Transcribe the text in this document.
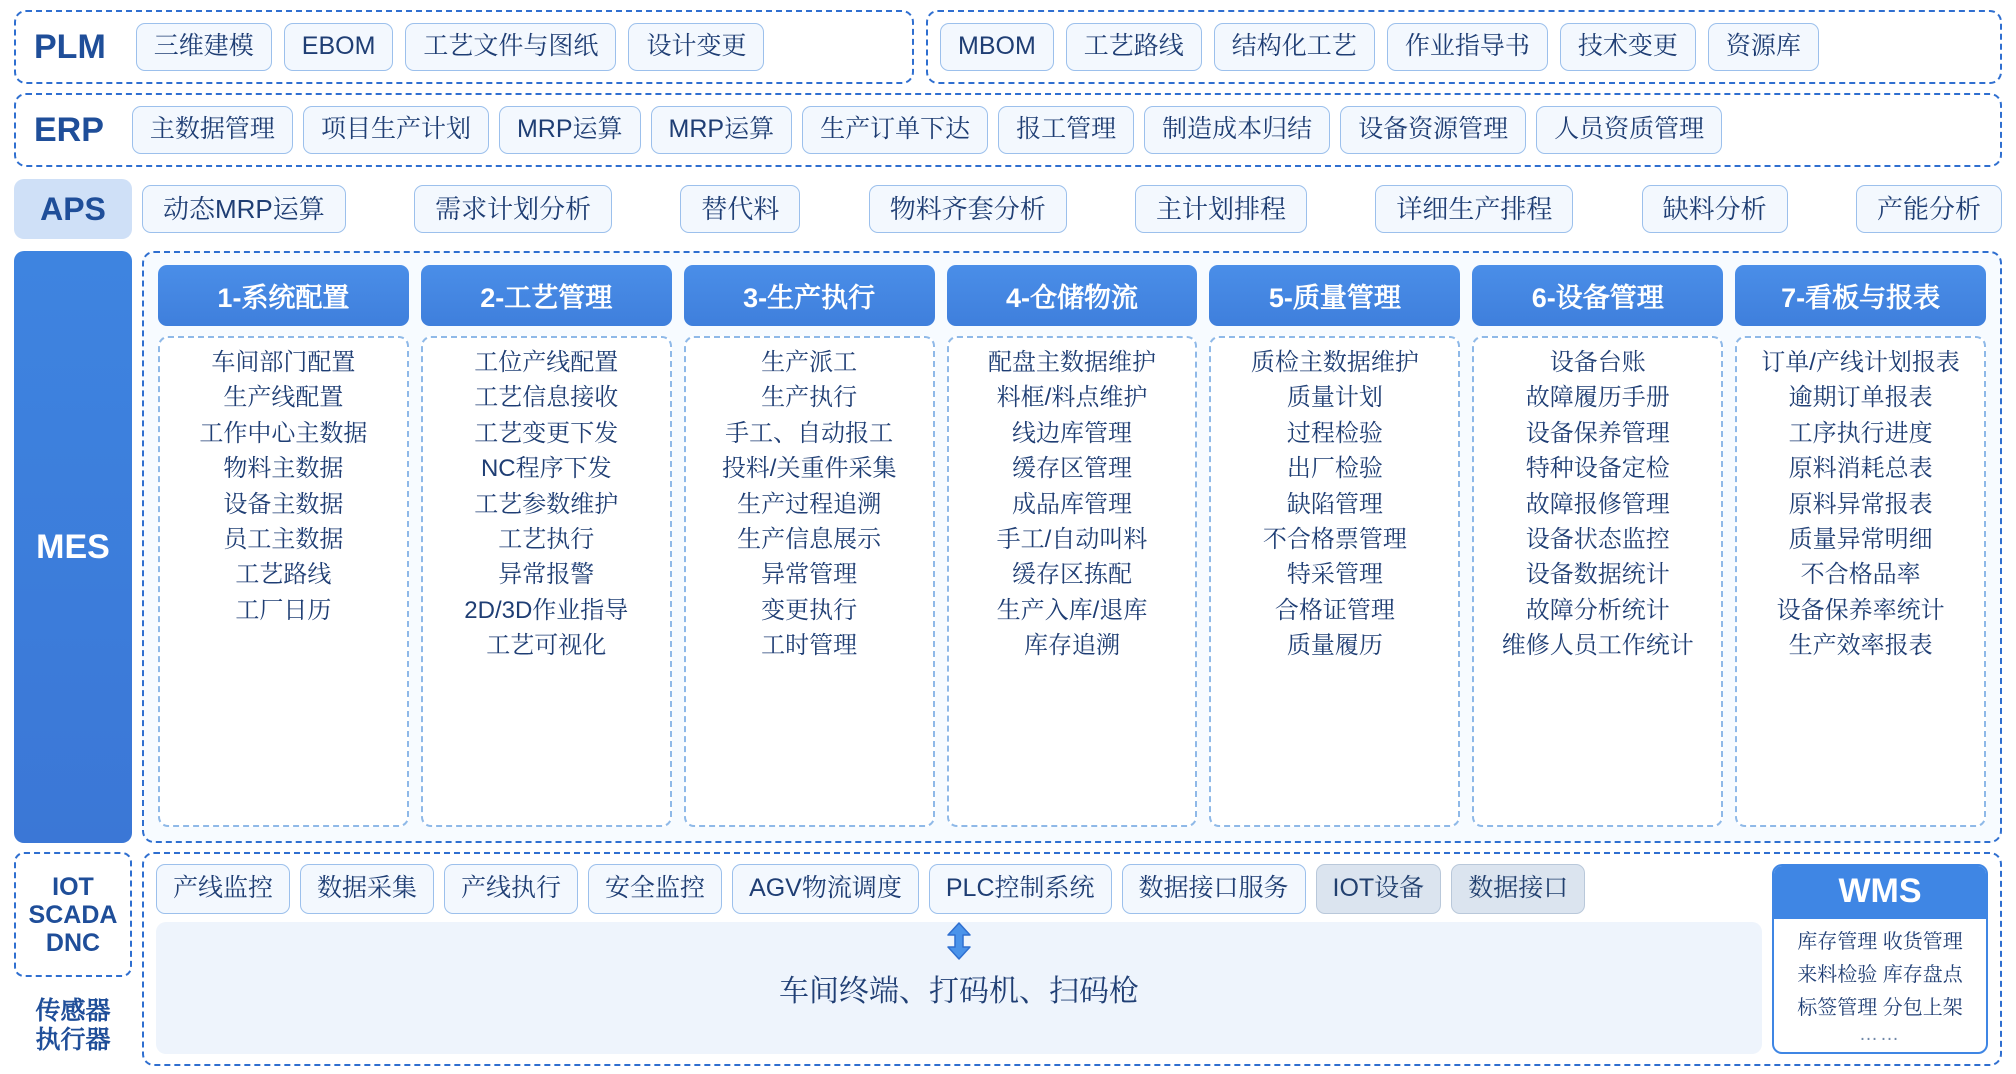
PLM	三维建模	EBOM	工艺文件与图纸	设计变更	MBOM	工艺路线	结构化工艺	作业指导书	技术变更	资源库
ERP	主数据管理	项目生产计划	MRP运算	MRP运算	生产订单下达	报工管理	制造成本归结	设备资源管理	人员资质管理
APS	动态MRP运算	需求计划分析	替代料	物料齐套分析	主计划排程	详细生产排程	缺料分析	产能分析
MES
1-系统配置
车间部门配置
生产线配置
工作中心主数据
物料主数据
设备主数据
员工主数据
工艺路线
工厂日历
2-工艺管理
工位产线配置
工艺信息接收
工艺变更下发
NC程序下发
工艺参数维护
工艺执行
异常报警
2D/3D作业指导
工艺可视化
3-生产执行
生产派工
生产执行
手工、自动报工
投料/关重件采集
生产过程追溯
生产信息展示
异常管理
变更执行
工时管理
4-仓储物流
配盘主数据维护
料框/料点维护
线边库管理
缓存区管理
成品库管理
手工/自动叫料
缓存区拣配
生产入库/退库
库存追溯
5-质量管理
质检主数据维护
质量计划
过程检验
出厂检验
缺陷管理
不合格票管理
特采管理
合格证管理
质量履历
6-设备管理
设备台账
故障履历手册
设备保养管理
特种设备定检
故障报修管理
设备状态监控
设备数据统计
故障分析统计
维修人员工作统计
7-看板与报表
订单/产线计划报表
逾期订单报表
工序执行进度
原料消耗总表
原料异常报表
质量异常明细
不合格品率
设备保养率统计
生产效率报表
IOT
SCADA
DNC
传感器
执行器
产线监控	数据采集	产线执行	安全监控	AGV物流调度	PLC控制系统	数据接口服务	IOT设备	数据接口
车间终端、打码机、扫码枪
WMS
库存管理 收货管理
来料检验 库存盘点
标签管理 分包上架
……
